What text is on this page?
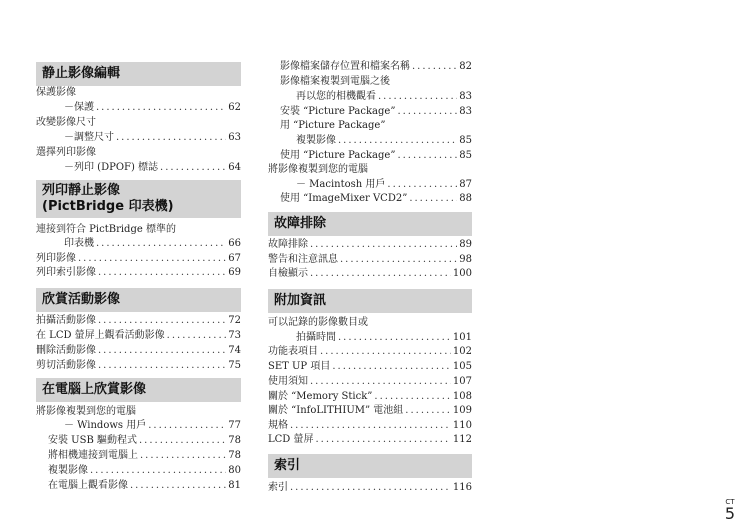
静止影像編輯
保護影像
－保護 .....	62
改變影像尺寸
－調整尺寸 .....	63
選擇列印影像
－列印 (DPOF) 標誌 .....	64
列印靜止影像
(PictBridge 印表機)
連接到符合 PictBridge 標準的
印表機 .....	66
列印影像 .....	67
列印索引影像 .....	69
欣賞活動影像
拍攝活動影像 .....	72
在 LCD 螢屏上觀看活動影像 .....	73
刪除活動影像 .....	74
剪切活動影像 .....	75
在電腦上欣賞影像
將影像複製到您的電腦
－ Windows 用戶 .....	77
安裝 USB 驅動程式 .....	78
將相機連接到電腦上 .....	78
複製影像 .....	80
在電腦上觀看影像 .....	81
影像檔案儲存位置和檔案名稱 .....	82
影像檔案複製到電腦之後
再以您的相機觀看 .....	83
安裝 “Picture Package” .....	83
用 “Picture Package”
複製影像 .....	85
使用 “Picture Package” .....	85
將影像複製到您的電腦
－ Macintosh 用戶 .....	87
使用 “ImageMixer VCD2” .....	88
故障排除
故障排除 .....	89
警告和注意訊息 .....	98
自檢顯示 .....	100
附加資訊
可以記錄的影像數目或
拍攝時間 .....	101
功能表項目 .....	102
SET UP 項目 .....	105
使用須知 .....	107
關於 “Memory Stick” .....	108
關於 “InfoLITHIUM” 電池組 .....	109
規格 .....	110
LCD 螢屏 .....	112
索引
索引 .....	116
CT
5
